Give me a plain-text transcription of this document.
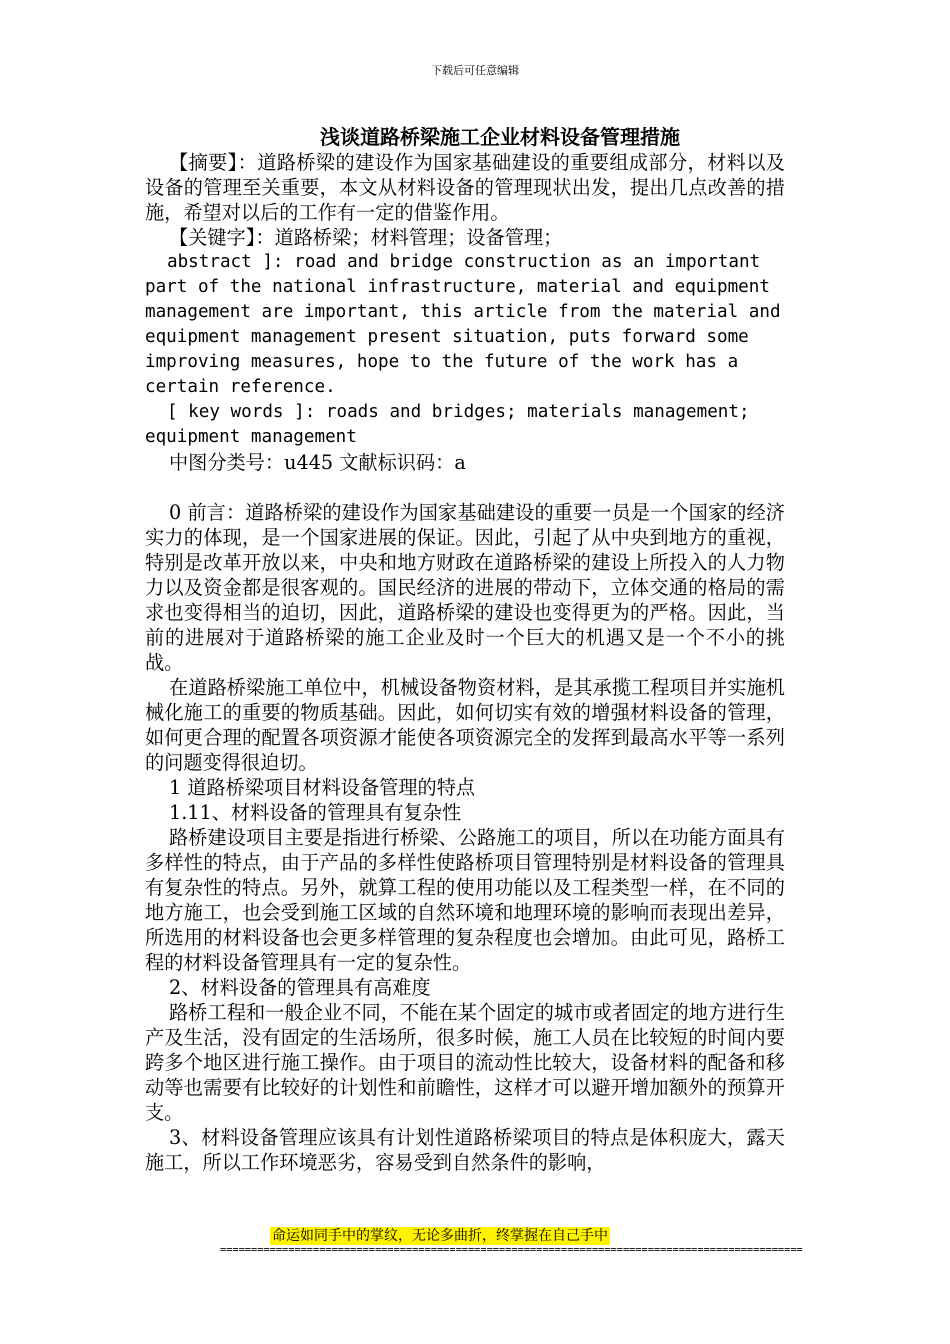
下载后可任意编辑
浅谈道路桥梁施工企业材料设备管理措施

【摘要】：道路桥梁的建设作为国家基础建设的重要组成部分，材料以及设备的管理至关重要，本文从材料设备的管理现状出发，提出几点改善的措施，希望对以后的工作有一定的借鉴作用。

【关键字】：道路桥梁；材料管理；设备管理；

abstract ]: road and bridge construction as an important part of the national infrastructure, material and equipment management are important, this article from the material and equipment management present situation, puts forward some improving measures, hope to the future of the work has a certain reference.

[ key words ]: roads and bridges; materials management; equipment management

中图分类号：u445 文献标识码：a

0 前言：道路桥梁的建设作为国家基础建设的重要一员是一个国家的经济实力的体现，是一个国家进展的保证。因此，引起了从中央到地方的重视，特别是改革开放以来，中央和地方财政在道路桥梁的建设上所投入的人力物力以及资金都是很客观的。国民经济的进展的带动下，立体交通的格局的需求也变得相当的迫切，因此，道路桥梁的建设也变得更为的严格。因此，当前的进展对于道路桥梁的施工企业及时一个巨大的机遇又是一个不小的挑战。

在道路桥梁施工单位中，机械设备物资材料，是其承揽工程项目并实施机械化施工的重要的物质基础。因此，如何切实有效的增强材料设备的管理，如何更合理的配置各项资源才能使各项资源完全的发挥到最高水平等一系列的问题变得很迫切。

1 道路桥梁项目材料设备管理的特点

1.11、材料设备的管理具有复杂性

路桥建设项目主要是指进行桥梁、公路施工的项目，所以在功能方面具有多样性的特点，由于产品的多样性使路桥项目管理特别是材料设备的管理具有复杂性的特点。另外，就算工程的使用功能以及工程类型一样，在不同的地方施工，也会受到施工区域的自然环境和地理环境的影响而表现出差异，所选用的材料设备也会更多样管理的复杂程度也会增加。由此可见，路桥工程的材料设备管理具有一定的复杂性。

2、材料设备的管理具有高难度

路桥工程和一般企业不同，不能在某个固定的城市或者固定的地方进行生产及生活，没有固定的生活场所，很多时候，施工人员在比较短的时间内要跨多个地区进行施工操作。由于项目的流动性比较大，设备材料的配备和移动等也需要有比较好的计划性和前瞻性，这样才可以避开增加额外的预算开支。

3、材料设备管理应该具有计划性道路桥梁项目的特点是体积庞大，露天施工，所以工作环境恶劣，容易受到自然条件的影响，

命运如同手中的掌纹，无论多曲折，终掌握在自己手中
==============================================================================================
